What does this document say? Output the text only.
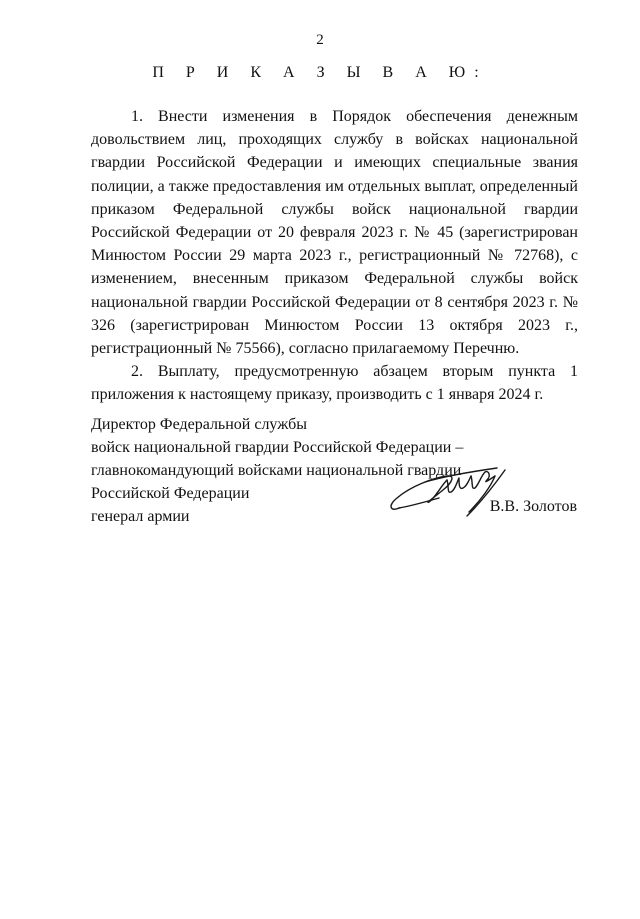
2
П Р И К А З Ы В А Ю:

1. Внести изменения в Порядок обеспечения денежным довольствием лиц, проходящих службу в войсках национальной гвардии Российской Федерации и имеющих специальные звания полиции, а также предоставления им отдельных выплат, определенный приказом Федеральной службы войск национальной гвардии Российской Федерации от 20 февраля 2023 г. № 45 (зарегистрирован Минюстом России 29 марта 2023 г., регистрационный № 72768), с изменением, внесенным приказом Федеральной службы войск национальной гвардии Российской Федерации от 8 сентября 2023 г. № 326 (зарегистрирован Минюстом России 13 октября 2023 г., регистрационный № 75566), согласно прилагаемому Перечню.

2. Выплату, предусмотренную абзацем вторым пункта 1 приложения к настоящему приказу, производить с 1 января 2024 г.

Директор Федеральной службы
войск национальной гвардии Российской Федерации –
главнокомандующий войсками национальной гвардии
Российской Федерации
генерал армии
В.В. Золотов
